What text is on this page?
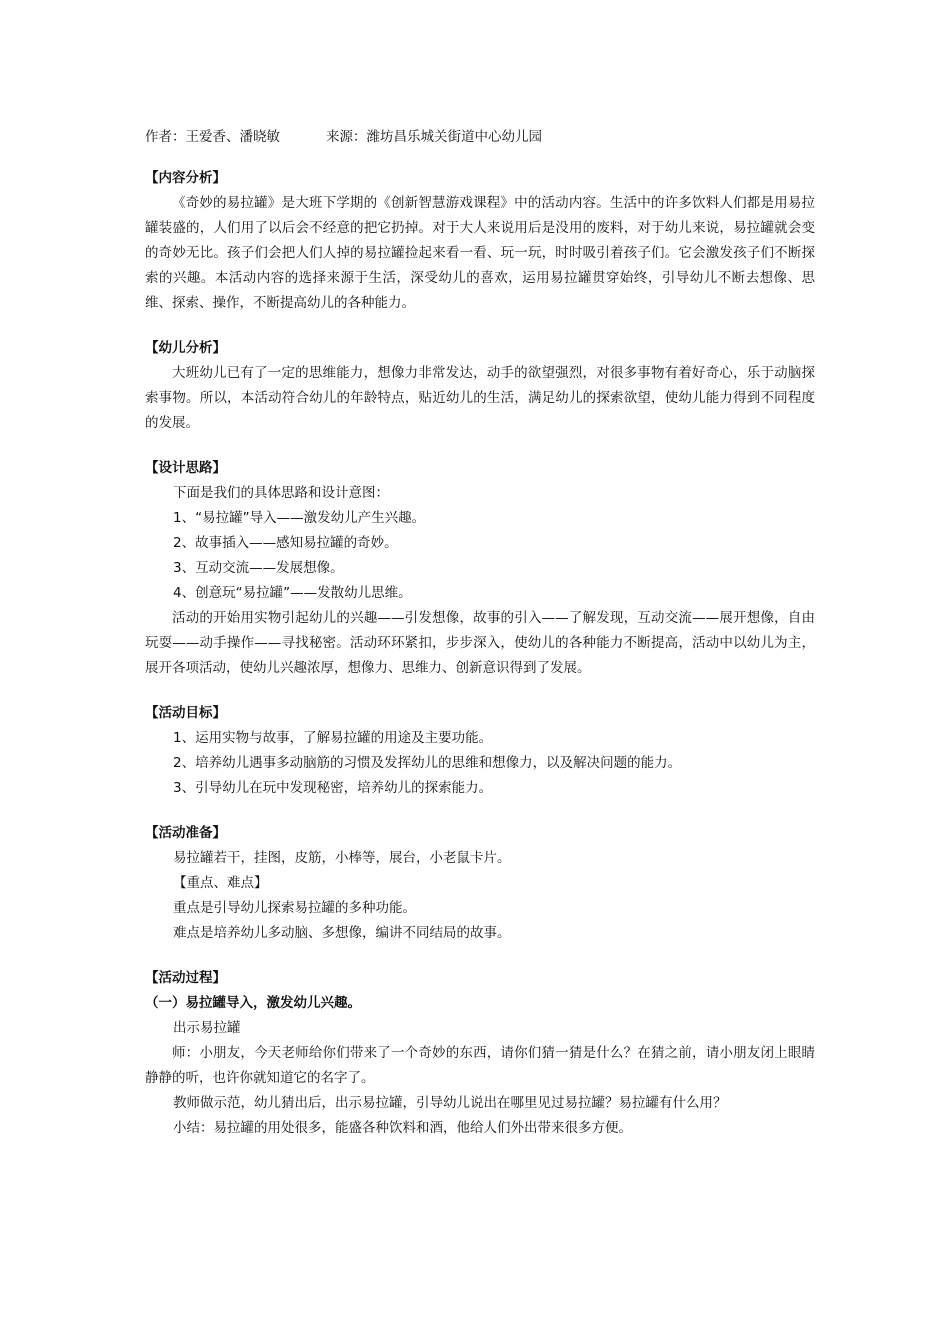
作者：王爱香、潘晓敏	来源：潍坊昌乐城关街道中心幼儿园
【内容分析】
《奇妙的易拉罐》是大班下学期的《创新智慧游戏课程》中的活动内容。生活中的许多饮料人们都是用易拉罐装盛的，人们用了以后会不经意的把它扔掉。对于大人来说用后是没用的废料，对于幼儿来说，易拉罐就会变的奇妙无比。孩子们会把人们人掉的易拉罐捡起来看一看、玩一玩，时时吸引着孩子们。它会激发孩子们不断探索的兴趣。本活动内容的选择来源于生活，深受幼儿的喜欢，运用易拉罐贯穿始终，引导幼儿不断去想像、思维、探索、操作，不断提高幼儿的各种能力。
【幼儿分析】
大班幼儿已有了一定的思维能力，想像力非常发达，动手的欲望强烈，对很多事物有着好奇心，乐于动脑探索事物。所以，本活动符合幼儿的年龄特点，贴近幼儿的生活，满足幼儿的探索欲望，使幼儿能力得到不同程度的发展。
【设计思路】
下面是我们的具体思路和设计意图：
1、“易拉罐”导入——激发幼儿产生兴趣。
2、故事插入——感知易拉罐的奇妙。
3、互动交流——发展想像。
4、创意玩“易拉罐”——发散幼儿思维。
活动的开始用实物引起幼儿的兴趣——引发想像，故事的引入——了解发现，互动交流——展开想像，自由玩耍——动手操作——寻找秘密。活动环环紧扣，步步深入，使幼儿的各种能力不断提高，活动中以幼儿为主，展开各项活动，使幼儿兴趣浓厚，想像力、思维力、创新意识得到了发展。
【活动目标】
1、运用实物与故事，了解易拉罐的用途及主要功能。
2、培养幼儿遇事多动脑筋的习惯及发挥幼儿的思维和想像力，以及解决问题的能力。
3、引导幼儿在玩中发现秘密，培养幼儿的探索能力。
【活动准备】
易拉罐若干，挂图，皮筋，小棒等，展台，小老鼠卡片。
【重点、难点】
重点是引导幼儿探索易拉罐的多种功能。
难点是培养幼儿多动脑、多想像，编讲不同结局的故事。
【活动过程】
（一）易拉罐导入，激发幼儿兴趣。
出示易拉罐
师：小朋友，今天老师给你们带来了一个奇妙的东西，请你们猜一猜是什么？在猜之前，请小朋友闭上眼睛静静的听，也许你就知道它的名字了。
教师做示范，幼儿猜出后，出示易拉罐，引导幼儿说出在哪里见过易拉罐？易拉罐有什么用？
小结：易拉罐的用处很多，能盛各种饮料和酒，他给人们外出带来很多方便。
